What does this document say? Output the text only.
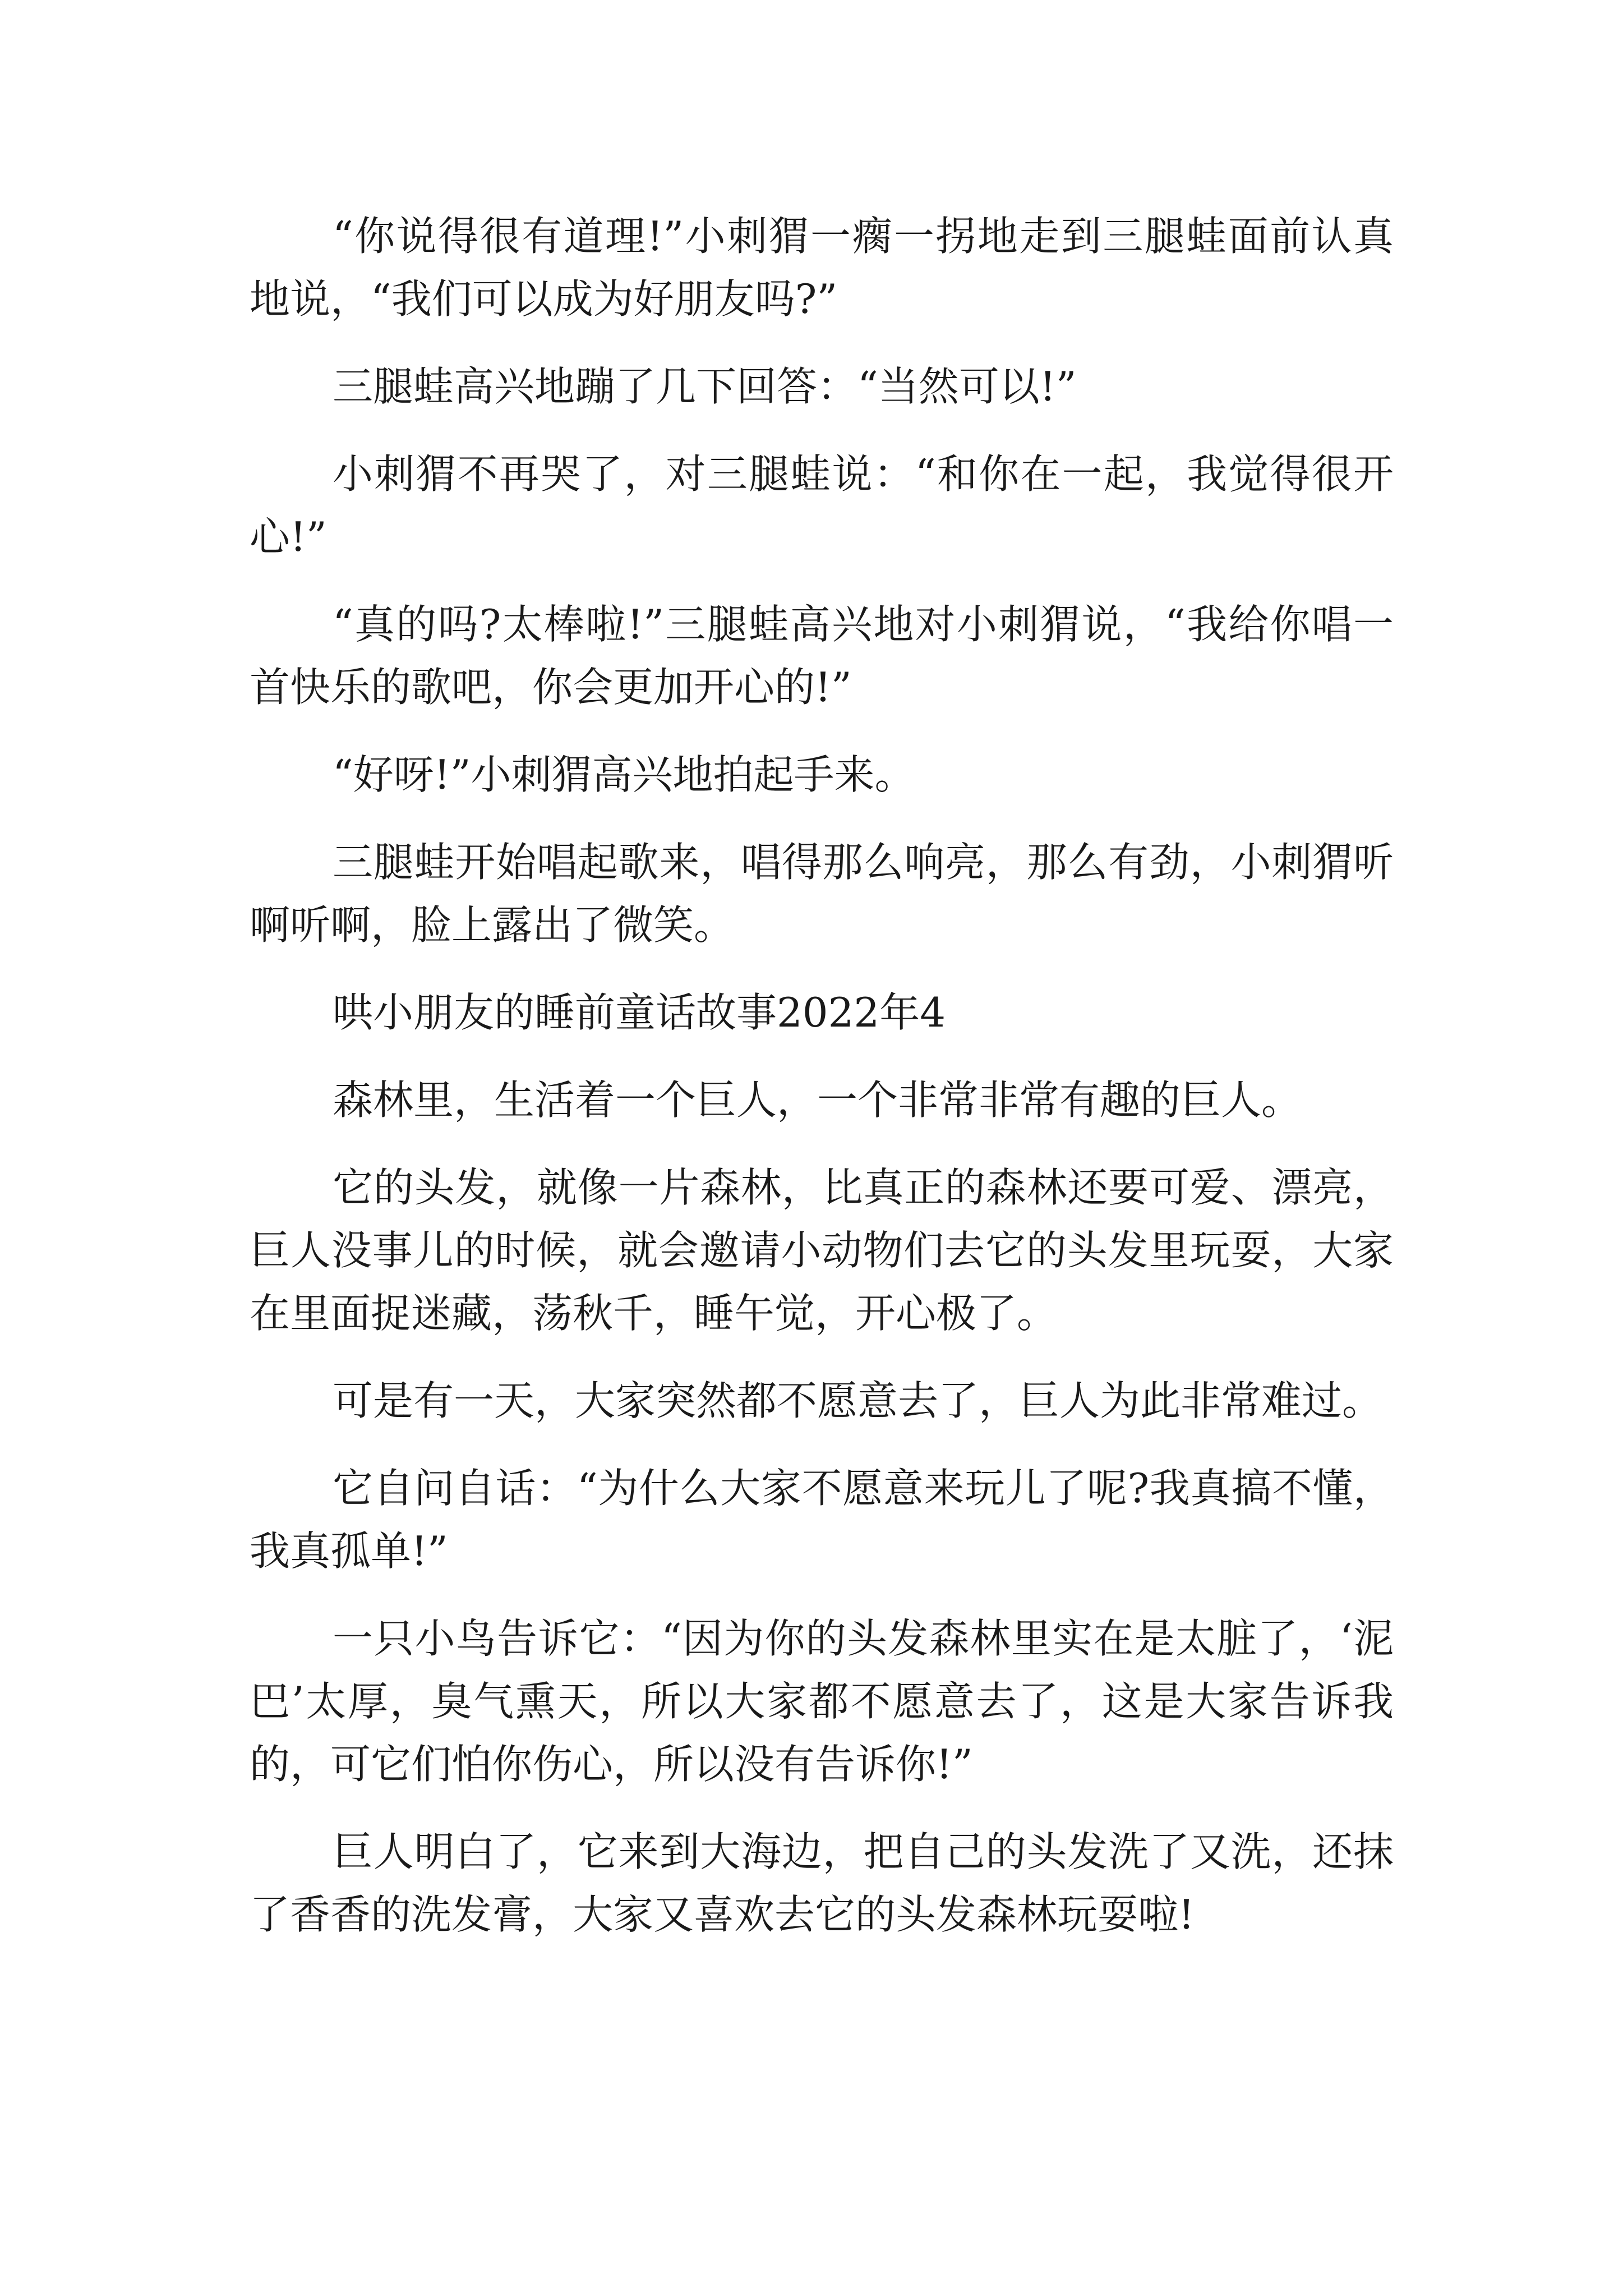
“你说得很有道理!”小刺猬一瘸一拐地走到三腿蛙面前认真地说，“我们可以成为好朋友吗?”

三腿蛙高兴地蹦了几下回答：“当然可以!”

小刺猬不再哭了，对三腿蛙说：“和你在一起，我觉得很开心!”

“真的吗?太棒啦!”三腿蛙高兴地对小刺猬说，“我给你唱一首快乐的歌吧，你会更加开心的!”

“好呀!”小刺猬高兴地拍起手来。

三腿蛙开始唱起歌来，唱得那么响亮，那么有劲，小刺猬听啊听啊，脸上露出了微笑。

哄小朋友的睡前童话故事2022年4

森林里，生活着一个巨人，一个非常非常有趣的巨人。

它的头发，就像一片森林，比真正的森林还要可爱、漂亮，巨人没事儿的时候，就会邀请小动物们去它的头发里玩耍，大家在里面捉迷藏，荡秋千，睡午觉，开心极了。

可是有一天，大家突然都不愿意去了，巨人为此非常难过。

它自问自话：“为什么大家不愿意来玩儿了呢?我真搞不懂，我真孤单!”

一只小鸟告诉它：“因为你的头发森林里实在是太脏了，‘泥巴’太厚，臭气熏天，所以大家都不愿意去了，这是大家告诉我的，可它们怕你伤心，所以没有告诉你!”

巨人明白了，它来到大海边，把自己的头发洗了又洗，还抹了香香的洗发膏，大家又喜欢去它的头发森林玩耍啦!
